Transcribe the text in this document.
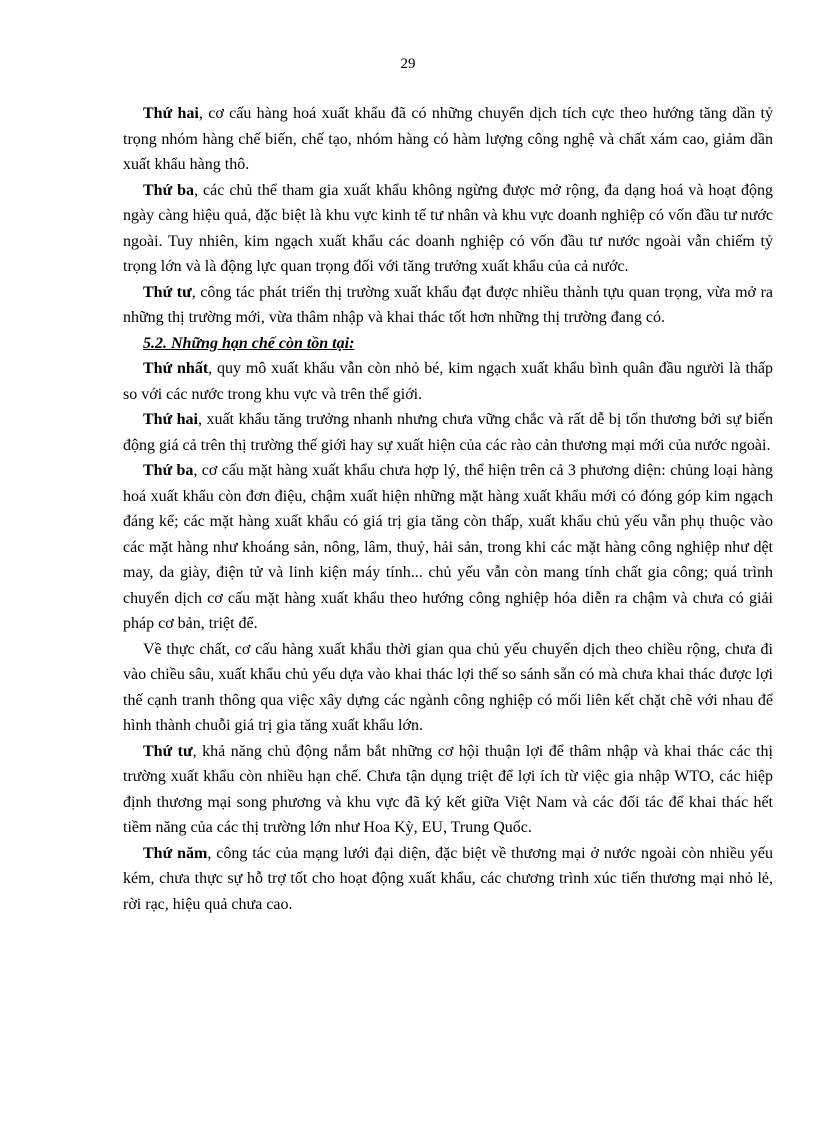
29

Thứ hai, cơ cấu hàng hoá xuất khẩu đã có những chuyển dịch tích cực theo hướng tăng dần tỷ trọng nhóm hàng chế biến, chế tạo, nhóm hàng có hàm lượng công nghệ và chất xám cao, giảm dần xuất khẩu hàng thô.

Thứ ba, các chủ thể tham gia xuất khẩu không ngừng được mở rộng, đa dạng hoá và hoạt động ngày càng hiệu quả, đặc biệt là khu vực kinh tế tư nhân và khu vực doanh nghiệp có vốn đầu tư nước ngoài. Tuy nhiên, kim ngạch xuất khẩu các doanh nghiệp có vốn đầu tư nước ngoài vẫn chiếm tỷ trọng lớn và là động lực quan trọng đối với tăng trưởng xuất khẩu của cả nước.

Thứ tư, công tác phát triển thị trường xuất khẩu đạt được nhiều thành tựu quan trọng, vừa mở ra những thị trường mới, vừa thâm nhập và khai thác tốt hơn những thị trường đang có.

5.2. Những hạn chế còn tồn tại:

Thứ nhất, quy mô xuất khẩu vẫn còn nhỏ bé, kim ngạch xuất khẩu bình quân đầu người là thấp so với các nước trong khu vực và trên thế giới.

Thứ hai, xuất khẩu tăng trưởng nhanh nhưng chưa vững chắc và rất dễ bị tổn thương bởi sự biến động giá cả trên thị trường thế giới hay sự xuất hiện của các rào cản thương mại mới của nước ngoài.

Thứ ba, cơ cấu mặt hàng xuất khẩu chưa hợp lý, thể hiện trên cả 3 phương diện: chủng loại hàng hoá xuất khẩu còn đơn điệu, chậm xuất hiện những mặt hàng xuất khẩu mới có đóng góp kim ngạch đáng kể; các mặt hàng xuất khẩu có giá trị gia tăng còn thấp, xuất khẩu chủ yếu vẫn phụ thuộc vào các mặt hàng như khoáng sản, nông, lâm, thuỷ, hải sản, trong khi các mặt hàng công nghiệp như dệt may, da giày, điện tử và linh kiện máy tính... chủ yếu vẫn còn mang tính chất gia công; quá trình chuyển dịch cơ cấu mặt hàng xuất khẩu theo hướng công nghiệp hóa diễn ra chậm và chưa có giải pháp cơ bản, triệt để.

Về thực chất, cơ cấu hàng xuất khẩu thời gian qua chủ yếu chuyển dịch theo chiều rộng, chưa đi vào chiều sâu, xuất khẩu chủ yếu dựa vào khai thác lợi thế so sánh sẵn có mà chưa khai thác được lợi thế cạnh tranh thông qua việc xây dựng các ngành công nghiệp có mối liên kết chặt chẽ với nhau để hình thành chuỗi giá trị gia tăng xuất khẩu lớn.

Thứ tư, khả năng chủ động nắm bắt những cơ hội thuận lợi để thâm nhập và khai thác các thị trường xuất khẩu còn nhiều hạn chế. Chưa tận dụng triệt để lợi ích từ việc gia nhập WTO, các hiệp định thương mại song phương và khu vực đã ký kết giữa Việt Nam và các đối tác để khai thác hết tiềm năng của các thị trường lớn như Hoa Kỳ, EU, Trung Quốc.

Thứ năm, công tác của mạng lưới đại diện, đặc biệt về thương mại ở nước ngoài còn nhiều yếu kém, chưa thực sự hỗ trợ tốt cho hoạt động xuất khẩu, các chương trình xúc tiến thương mại nhỏ lẻ, rời rạc, hiệu quả chưa cao.
